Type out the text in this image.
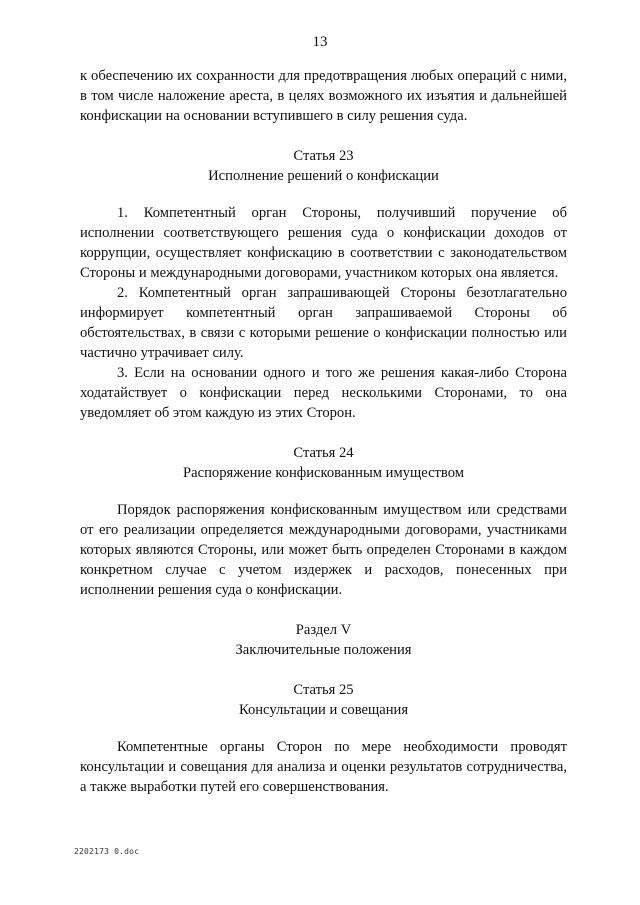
13

к обеспечению их сохранности для предотвращения любых операций с ними, в том числе наложение ареста, в целях возможного их изъятия и дальнейшей конфискации на основании вступившего в силу решения суда.

Статья 23

Исполнение решений о конфискации

1. Компетентный орган Стороны, получивший поручение об исполнении соответствующего решения суда о конфискации доходов от коррупции, осуществляет конфискацию в соответствии с законодательством Стороны и международными договорами, участником которых она является.

2. Компетентный орган запрашивающей Стороны безотлагательно информирует компетентный орган запрашиваемой Стороны об обстоятельствах, в связи с которыми решение о конфискации полностью или частично утрачивает силу.

3. Если на основании одного и того же решения какая-либо Сторона ходатайствует о конфискации перед несколькими Сторонами, то она уведомляет об этом каждую из этих Сторон.

Статья 24

Распоряжение конфискованным имуществом

Порядок распоряжения конфискованным имуществом или средствами от его реализации определяется международными договорами, участниками которых являются Стороны, или может быть определен Сторонами в каждом конкретном случае с учетом издержек и расходов, понесенных при исполнении решения суда о конфискации.

Раздел V

Заключительные положения

Статья 25

Консультации и совещания

Компетентные органы Сторон по мере необходимости проводят консультации и совещания для анализа и оценки результатов сотрудничества, а также выработки путей его совершенствования.

2202173 0.doc
